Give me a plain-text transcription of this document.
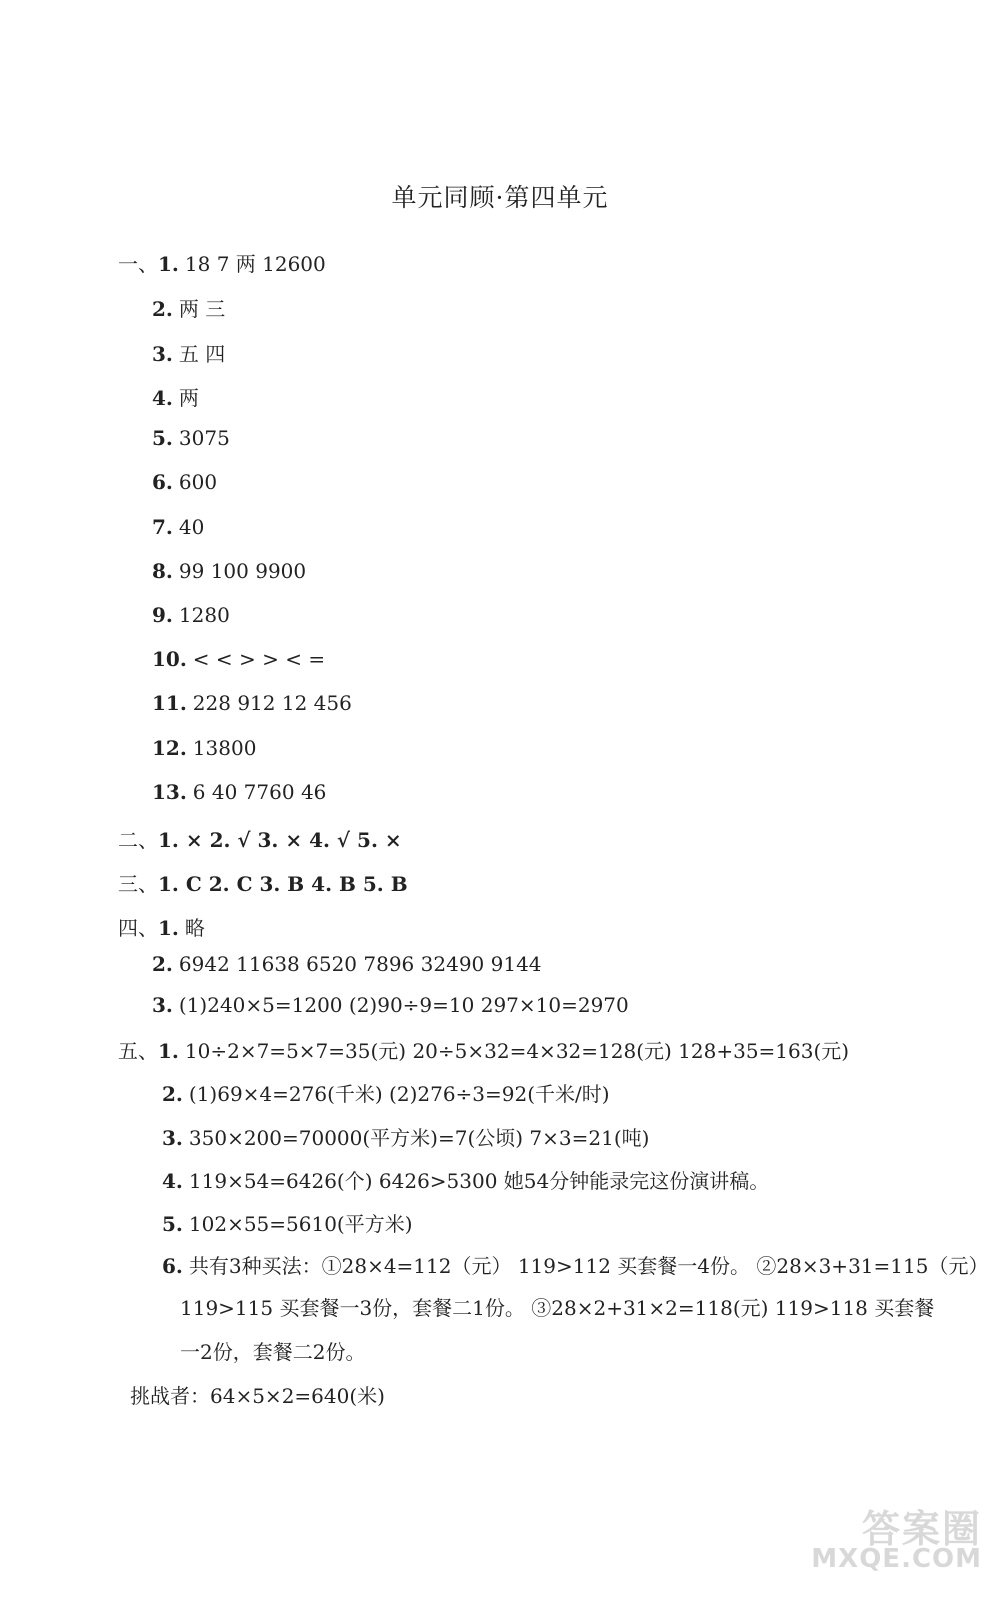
单元同顾·第四单元
一、1. 18 7 两 12600
2. 两 三
3. 五 四
4. 两
5. 3075
6. 600
7. 40
8. 99 100 9900
9. 1280
10. < < > > < =
11. 228 912 12 456
12. 13800
13. 6 40 7760 46
二、1. × 2. √ 3. × 4. √ 5. ×
三、1. C 2. C 3. B 4. B 5. B
四、1. 略
2. 6942 11638 6520 7896 32490 9144
3. (1)240×5=1200 (2)90÷9=10 297×10=2970
五、1. 10÷2×7=5×7=35(元) 20÷5×32=4×32=128(元) 128+35=163(元)
2. (1)69×4=276(千米) (2)276÷3=92(千米/时)
3. 350×200=70000(平方米)=7(公顷) 7×3=21(吨)
4. 119×54=6426(个) 6426>5300 她54分钟能录完这份演讲稿。
5. 102×55=5610(平方米)
6. 共有3种买法：①28×4=112（元） 119>112 买套餐一4份。 ②28×3+31=115（元）
119>115 买套餐一3份，套餐二1份。 ③28×2+31×2=118(元) 119>118 买套餐
一2份，套餐二2份。
挑战者：64×5×2=640(米)
答案圈
MXQE.COM
